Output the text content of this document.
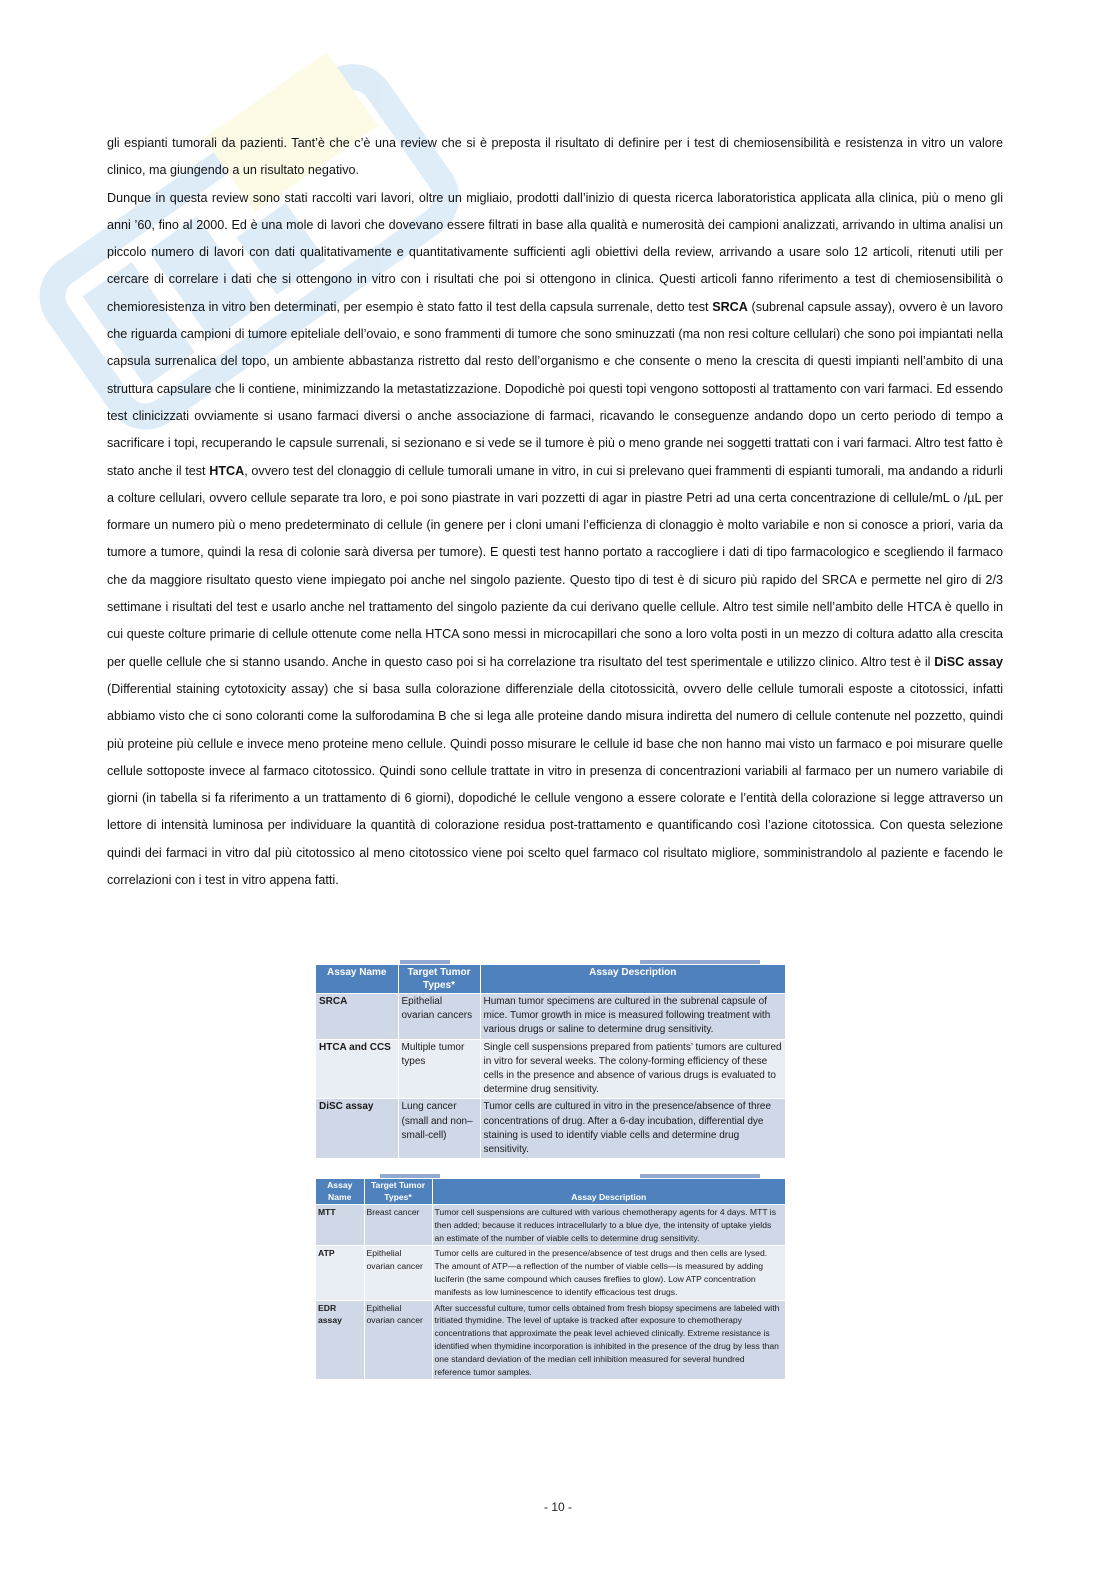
gli espianti tumorali da pazienti. Tant’è che c’è una review che si è preposta il risultato di definire per i test di chemiosensibilità e resistenza in vitro un valore clinico, ma giungendo a un risultato negativo.

Dunque in questa review sono stati raccolti vari lavori, oltre un migliaio, prodotti dall’inizio di questa ricerca laboratoristica applicata alla clinica, più o meno gli anni ’60, fino al 2000. Ed è una mole di lavori che dovevano essere filtrati in base alla qualità e numerosità dei campioni analizzati, arrivando in ultima analisi un piccolo numero di lavori con dati qualitativamente e quantitativamente sufficienti agli obiettivi della review, arrivando a usare solo 12 articoli, ritenuti utili per cercare di correlare i dati che si ottengono in vitro con i risultati che poi si ottengono in clinica. Questi articoli fanno riferimento a test di chemiosensibilità o chemioresistenza in vitro ben determinati, per esempio è stato fatto il test della capsula surrenale, detto test SRCA (subrenal capsule assay), ovvero è un lavoro che riguarda campioni di tumore epiteliale dell’ovaio, e sono frammenti di tumore che sono sminuzzati (ma non resi colture cellulari) che sono poi impiantati nella capsula surrenalica del topo, un ambiente abbastanza ristretto dal resto dell’organismo e che consente o meno la crescita di questi impianti nell’ambito di una struttura capsulare che li contiene, minimizzando la metastatizzazione. Dopodichè poi questi topi vengono sottoposti al trattamento con vari farmaci. Ed essendo test clinicizzati ovviamente si usano farmaci diversi o anche associazione di farmaci, ricavando le conseguenze andando dopo un certo periodo di tempo a sacrificare i topi, recuperando le capsule surrenali, si sezionano e si vede se il tumore è più o meno grande nei soggetti trattati con i vari farmaci. Altro test fatto è stato anche il test HTCA, ovvero test del clonaggio di cellule tumorali umane in vitro, in cui si prelevano quei frammenti di espianti tumorali, ma andando a ridurli a colture cellulari, ovvero cellule separate tra loro, e poi sono piastrate in vari pozzetti di agar in piastre Petri ad una certa concentrazione di cellule/mL o /µL per formare un numero più o meno predeterminato di cellule (in genere per i cloni umani l’efficienza di clonaggio è molto variabile e non si conosce a priori, varia da tumore a tumore, quindi la resa di colonie sarà diversa per tumore). E questi test hanno portato a raccogliere i dati di tipo farmacologico e scegliendo il farmaco che da maggiore risultato questo viene impiegato poi anche nel singolo paziente. Questo tipo di test è di sicuro più rapido del SRCA e permette nel giro di 2/3 settimane i risultati del test e usarlo anche nel trattamento del singolo paziente da cui derivano quelle cellule. Altro test simile nell’ambito delle HTCA è quello in cui queste colture primarie di cellule ottenute come nella HTCA sono messi in microcapillari che sono a loro volta posti in un mezzo di coltura adatto alla crescita per quelle cellule che si stanno usando. Anche in questo caso poi si ha correlazione tra risultato del test sperimentale e utilizzo clinico. Altro test è il DiSC assay (Differential staining cytotoxicity assay) che si basa sulla colorazione differenziale della citotossicità, ovvero delle cellule tumorali esposte a citotossici, infatti abbiamo visto che ci sono coloranti come la sulforodamina B che si lega alle proteine dando misura indiretta del numero di cellule contenute nel pozzetto, quindi più proteine più cellule e invece meno proteine meno cellule. Quindi posso misurare le cellule id base che non hanno mai visto un farmaco e poi misurare quelle cellule sottoposte invece al farmaco citotossico. Quindi sono cellule trattate in vitro in presenza di concentrazioni variabili al farmaco per un numero variabile di giorni (in tabella si fa riferimento a un trattamento di 6 giorni), dopodiché le cellule vengono a essere colorate e l’entità della colorazione si legge attraverso un lettore di intensità luminosa per individuare la quantità di colorazione residua post-trattamento e quantificando così l’azione citotossica. Con questa selezione quindi dei farmaci in vitro dal più citotossico al meno citotossico viene poi scelto quel farmaco col risultato migliore, somministrandolo al paziente e facendo le correlazioni con i test in vitro appena fatti.

Assay Name	Target Tumor Types*	Assay Description
SRCA	Epithelial ovarian cancers	Human tumor specimens are cultured in the subrenal capsule of mice. Tumor growth in mice is measured following treatment with various drugs or saline to determine drug sensitivity.
HTCA and CCS	Multiple tumor types	Single cell suspensions prepared from patients’ tumors are cultured in vitro for several weeks. The colony-forming efficiency of these cells in the presence and absence of various drugs is evaluated to determine drug sensitivity.
DiSC assay	Lung cancer (small and non–small-cell)	Tumor cells are cultured in vitro in the presence/absence of three concentrations of drug. After a 6-day incubation, differential dye staining is used to identify viable cells and determine drug sensitivity.
Assay Name	Target Tumor Types*	Assay Description
MTT	Breast cancer	Tumor cell suspensions are cultured with various chemotherapy agents for 4 days. MTT is then added; because it reduces intracellularly to a blue dye, the intensity of uptake yields an estimate of the number of viable cells to determine drug sensitivity.
ATP	Epithelial ovarian cancer	Tumor cells are cultured in the presence/absence of test drugs and then cells are lysed. The amount of ATP—a reflection of the number of viable cells—is measured by adding luciferin (the same compound which causes fireflies to glow). Low ATP concentration manifests as low luminescence to identify efficacious test drugs.
EDR assay	Epithelial ovarian cancer	After successful culture, tumor cells obtained from fresh biopsy specimens are labeled with tritiated thymidine. The level of uptake is tracked after exposure to chemotherapy concentrations that approximate the peak level achieved clinically. Extreme resistance is identified when thymidine incorporation is inhibited in the presence of the drug by less than one standard deviation of the median cell inhibition measured for several hundred reference tumor samples.
- 10 -
